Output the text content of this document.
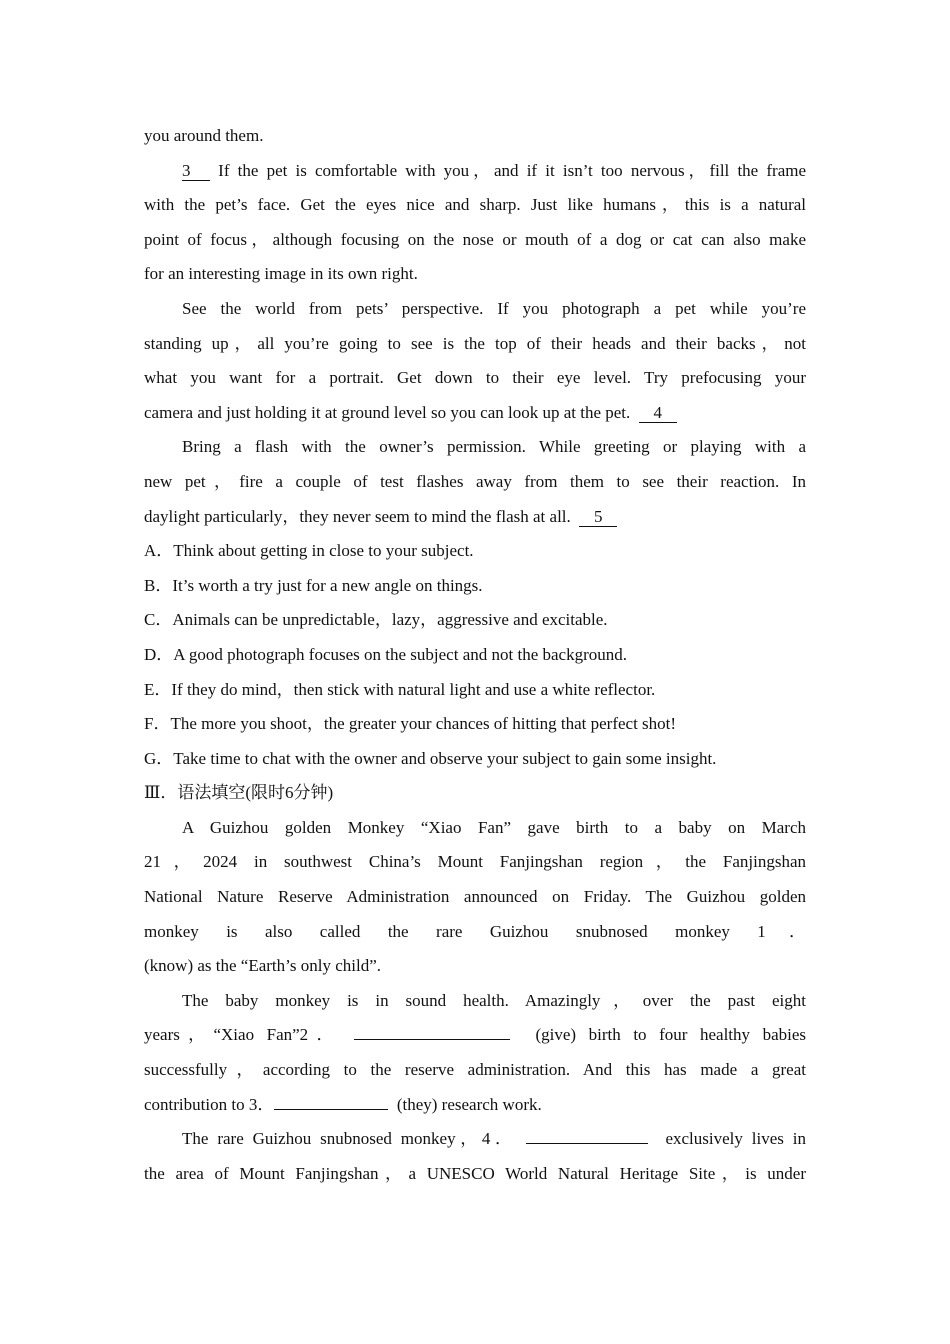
you around them.
3 If the pet is comfortable with you，and if it isn’t too nervous，fill the frame
with the pet’s face. Get the eyes nice and sharp. Just like humans，this is a natural
point of focus，although focusing on the nose or mouth of a dog or cat can also make
for an interesting image in its own right.
See the world from pets’ perspective. If you photograph a pet while you’re
standing up，all you’re going to see is the top of their heads and their backs，not
what you want for a portrait. Get down to their eye level. Try prefocusing your
camera and just holding it at ground level so you can look up at the pet. 4
Bring a flash with the owner’s permission. While greeting or playing with a
new pet，fire a couple of test flashes away from them to see their reaction. In
daylight particularly，they never seem to mind the flash at all. 5
A．Think about getting in close to your subject.
B．It’s worth a try just for a new angle on things.
C．Animals can be unpredictable，lazy，aggressive and excitable.
D．A good photograph focuses on the subject and not the background.
E．If they do mind，then stick with natural light and use a white reflector.
F．The more you shoot，the greater your chances of hitting that perfect shot!
G．Take time to chat with the owner and observe your subject to gain some insight.
Ⅲ．语法填空(限时6分钟)
A Guizhou golden Monkey “Xiao Fan” gave birth to a baby on March
21，2024 in southwest China’s Mount Fanjingshan region，the Fanjingshan
National Nature Reserve Administration announced on Friday. The Guizhou golden
monkey is also called the rare Guizhou snubnosed monkey 1．
(know) as the “Earth’s only child”.
The baby monkey is in sound health. Amazingly，over the past eight
years，“Xiao Fan”2．	(give) birth to four healthy babies
successfully，according to the reserve administration. And this has made a great
contribution to 3．	(they) research work.
The rare Guizhou snubnosed monkey，4．	exclusively lives in
the area of Mount Fanjingshan，a UNESCO World Natural Heritage Site，is under
